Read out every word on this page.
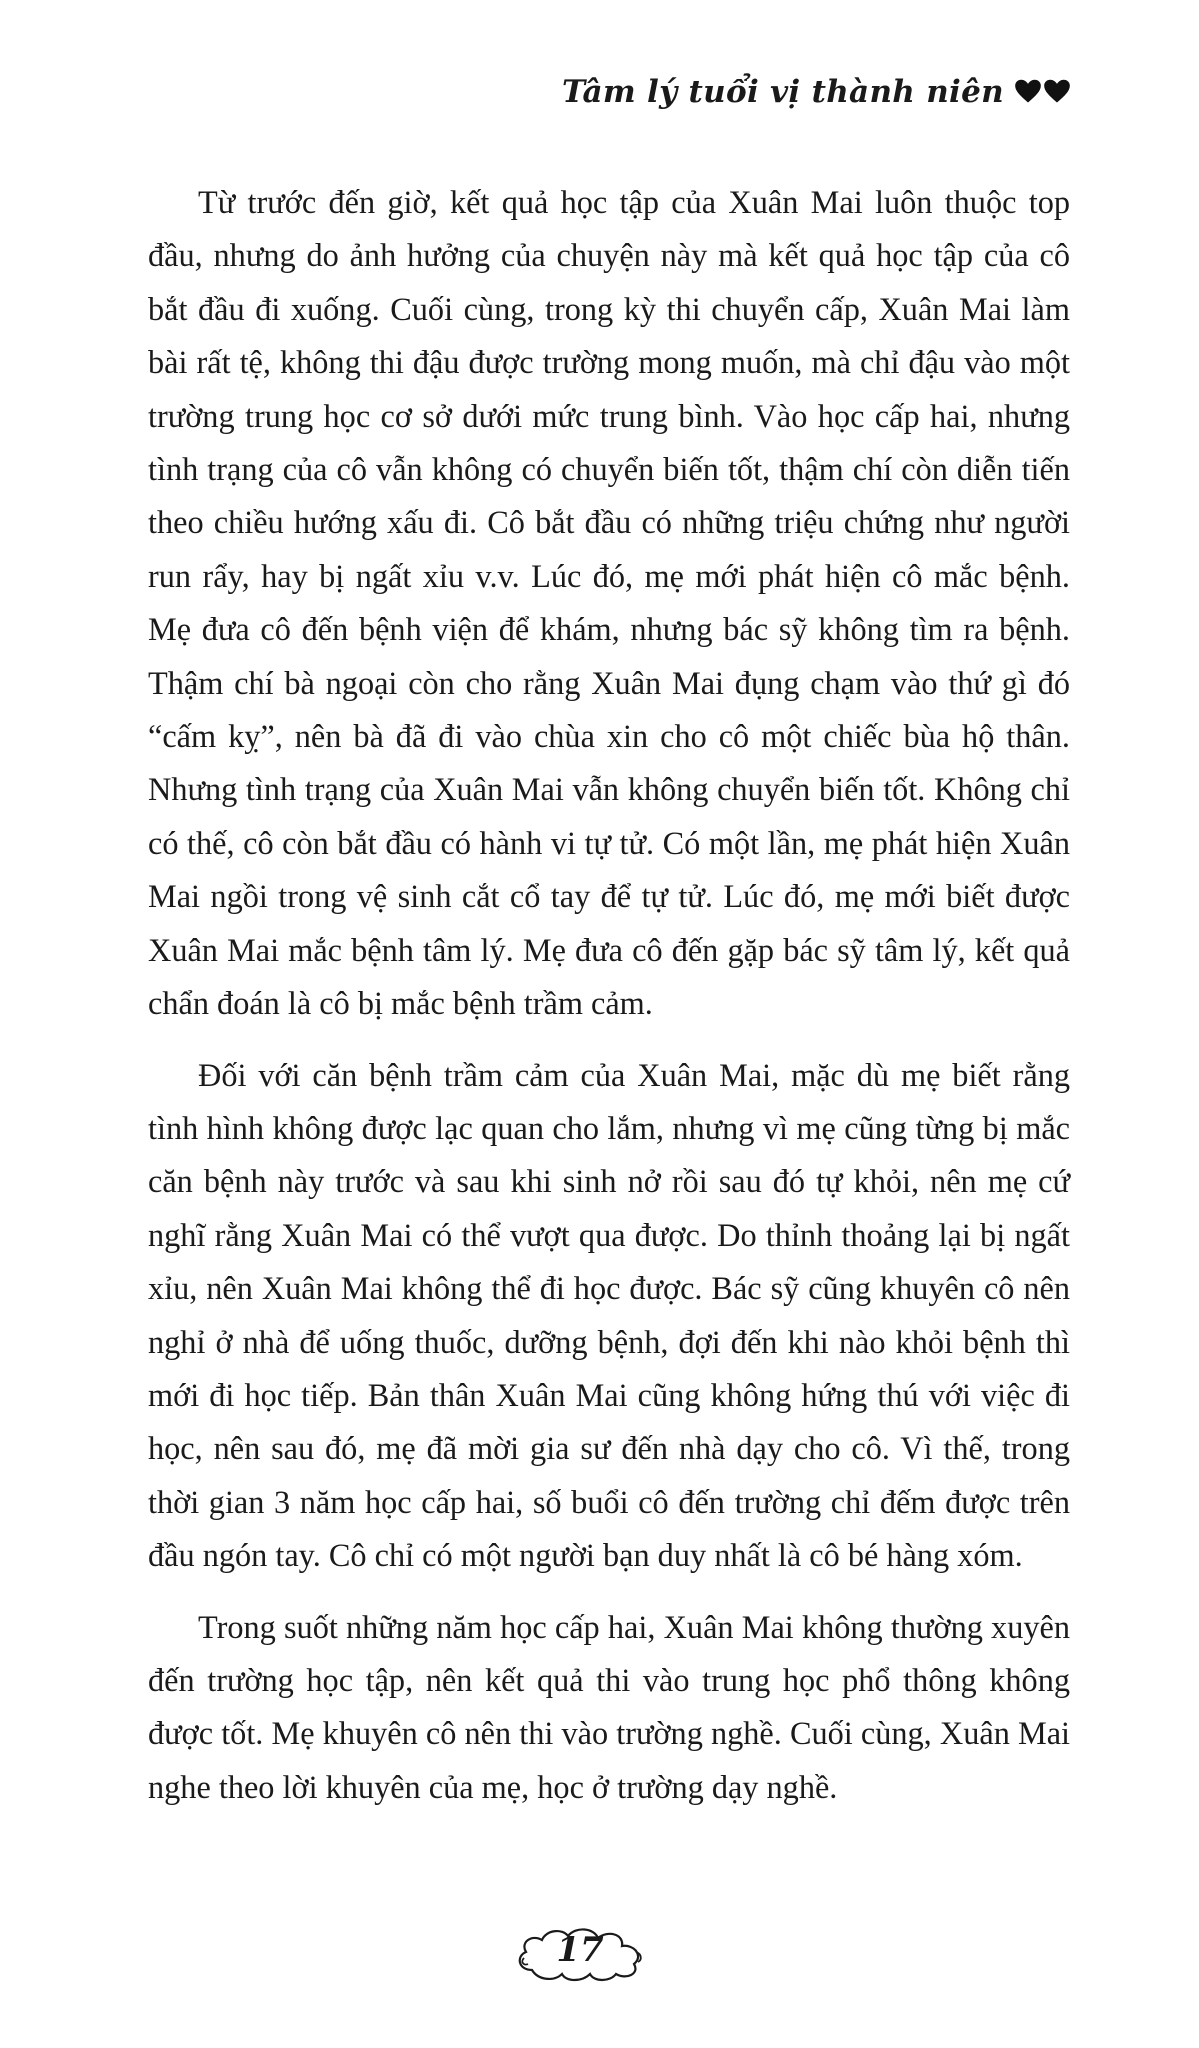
Tâm lý tuổi vị thành niên

Từ trước đến giờ, kết quả học tập của Xuân Mai luôn thuộc top đầu, nhưng do ảnh hưởng của chuyện này mà kết quả học tập của cô bắt đầu đi xuống. Cuối cùng, trong kỳ thi chuyển cấp, Xuân Mai làm bài rất tệ, không thi đậu được trường mong muốn, mà chỉ đậu vào một trường trung học cơ sở dưới mức trung bình. Vào học cấp hai, nhưng tình trạng của cô vẫn không có chuyển biến tốt, thậm chí còn diễn tiến theo chiều hướng xấu đi. Cô bắt đầu có những triệu chứng như người run rẩy, hay bị ngất xỉu v.v. Lúc đó, mẹ mới phát hiện cô mắc bệnh. Mẹ đưa cô đến bệnh viện để khám, nhưng bác sỹ không tìm ra bệnh. Thậm chí bà ngoại còn cho rằng Xuân Mai đụng chạm vào thứ gì đó “cấm kỵ”, nên bà đã đi vào chùa xin cho cô một chiếc bùa hộ thân. Nhưng tình trạng của Xuân Mai vẫn không chuyển biến tốt. Không chỉ có thế, cô còn bắt đầu có hành vi tự tử. Có một lần, mẹ phát hiện Xuân Mai ngồi trong vệ sinh cắt cổ tay để tự tử. Lúc đó, mẹ mới biết được Xuân Mai mắc bệnh tâm lý. Mẹ đưa cô đến gặp bác sỹ tâm lý, kết quả chẩn đoán là cô bị mắc bệnh trầm cảm.

Đối với căn bệnh trầm cảm của Xuân Mai, mặc dù mẹ biết rằng tình hình không được lạc quan cho lắm, nhưng vì mẹ cũng từng bị mắc căn bệnh này trước và sau khi sinh nở rồi sau đó tự khỏi, nên mẹ cứ nghĩ rằng Xuân Mai có thể vượt qua được. Do thỉnh thoảng lại bị ngất xỉu, nên Xuân Mai không thể đi học được. Bác sỹ cũng khuyên cô nên nghỉ ở nhà để uống thuốc, dưỡng bệnh, đợi đến khi nào khỏi bệnh thì mới đi học tiếp. Bản thân Xuân Mai cũng không hứng thú với việc đi học, nên sau đó, mẹ đã mời gia sư đến nhà dạy cho cô. Vì thế, trong thời gian 3 năm học cấp hai, số buổi cô đến trường chỉ đếm được trên đầu ngón tay. Cô chỉ có một người bạn duy nhất là cô bé hàng xóm.

Trong suốt những năm học cấp hai, Xuân Mai không thường xuyên đến trường học tập, nên kết quả thi vào trung học phổ thông không được tốt. Mẹ khuyên cô nên thi vào trường nghề. Cuối cùng, Xuân Mai nghe theo lời khuyên của mẹ, học ở trường dạy nghề.

17
